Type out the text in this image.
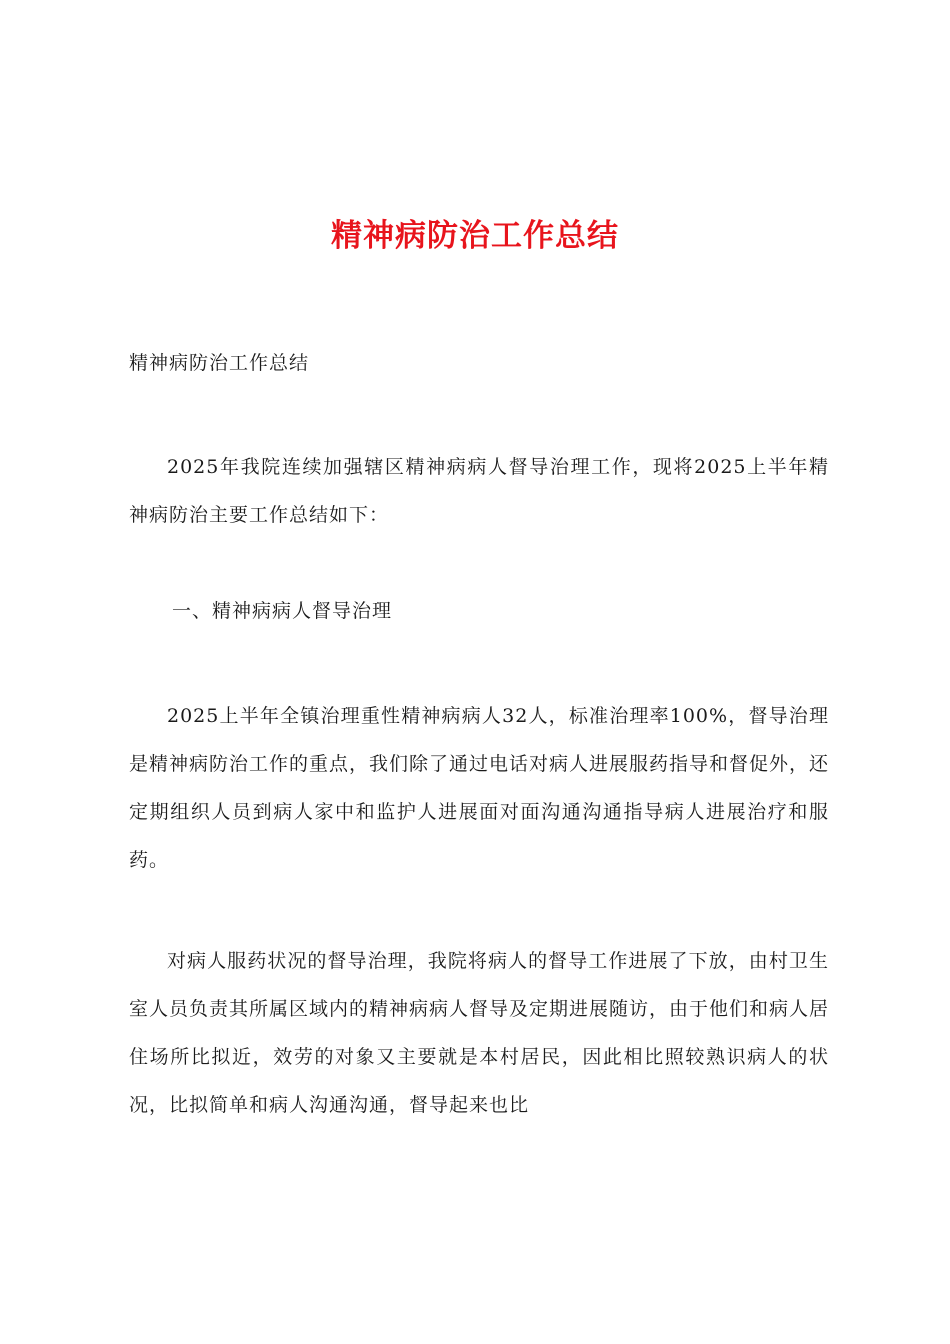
精神病防治工作总结
精神病防治工作总结

2025年我院连续加强辖区精神病病人督导治理工作，现将2025上半年精神病防治主要工作总结如下：

一、精神病病人督导治理

2025上半年全镇治理重性精神病病人32人，标准治理率100%，督导治理是精神病防治工作的重点，我们除了通过电话对病人进展服药指导和督促外，还定期组织人员到病人家中和监护人进展面对面沟通沟通指导病人进展治疗和服药。

对病人服药状况的督导治理，我院将病人的督导工作进展了下放，由村卫生室人员负责其所属区域内的精神病病人督导及定期进展随访，由于他们和病人居住场所比拟近，效劳的对象又主要就是本村居民，因此相比照较熟识病人的状况，比拟简单和病人沟通沟通，督导起来也比
